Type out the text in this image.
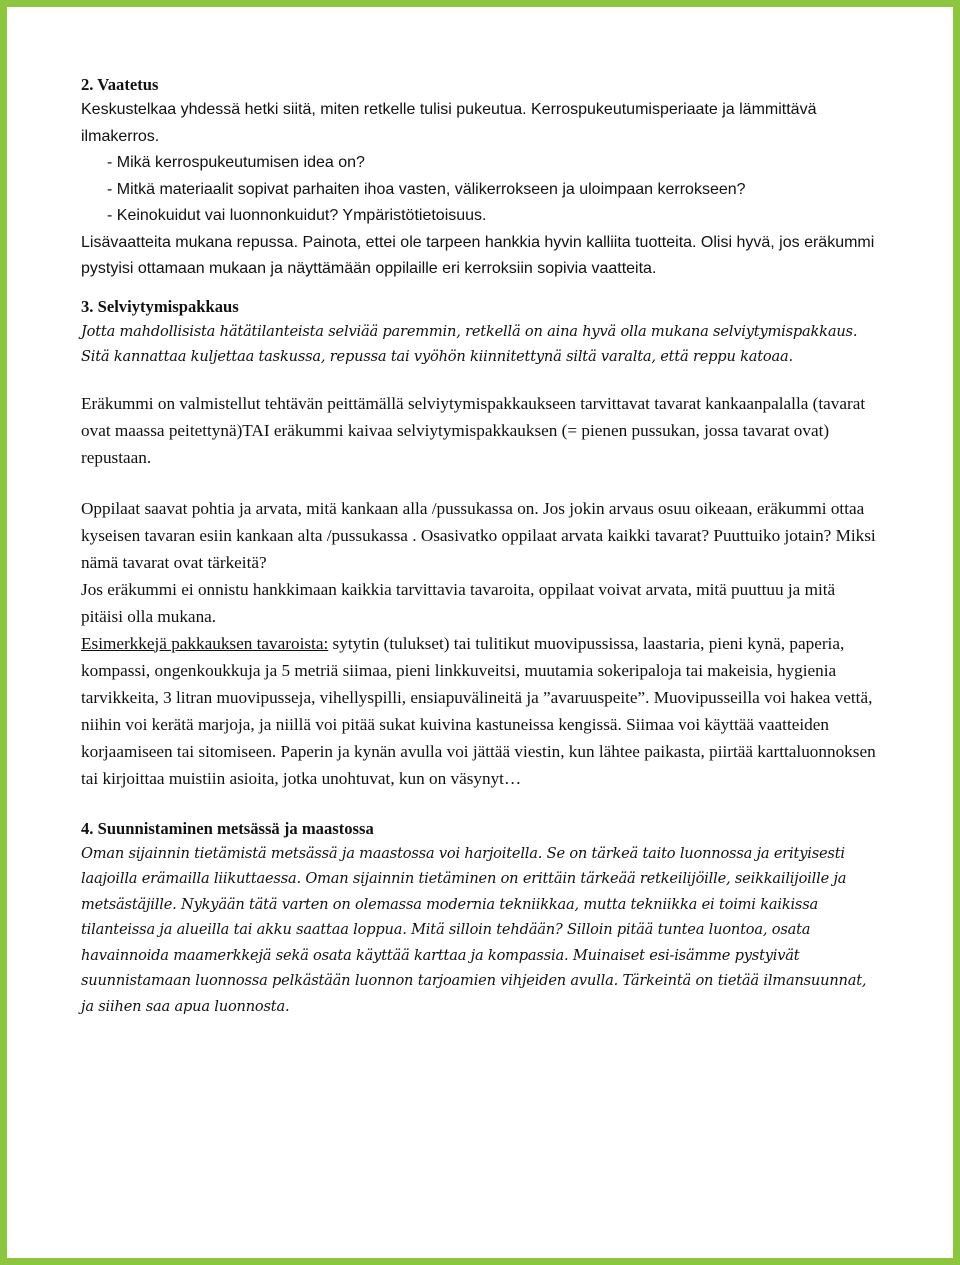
2. Vaatetus

Keskustelkaa yhdessä hetki siitä, miten retkelle tulisi pukeutua. Kerrospukeutumisperiaate ja lämmittävä ilmakerros.

- Mikä kerrospukeutumisen idea on?

- Mitkä materiaalit sopivat parhaiten ihoa vasten, välikerrokseen ja uloimpaan kerrokseen?

- Keinokuidut vai luonnonkuidut? Ympäristötietoisuus.

Lisävaatteita mukana repussa. Painota, ettei ole tarpeen hankkia hyvin kalliita tuotteita. Olisi hyvä, jos eräkummi pystyisi ottamaan mukaan ja näyttämään oppilaille eri kerroksiin sopivia vaatteita.

3. Selviytymispakkaus

Jotta mahdollisista hätätilanteista selviää paremmin, retkellä on aina hyvä olla mukana selviytymispakkaus. Sitä kannattaa kuljettaa taskussa, repussa tai vyöhön kiinnitettynä siltä varalta, että reppu katoaa.

Eräkummi on valmistellut tehtävän peittämällä selviytymispakkaukseen tarvittavat tavarat kankaanpalalla (tavarat ovat maassa peitettynä)TAI eräkummi kaivaa selviytymispakkauksen (= pienen pussukan, jossa tavarat ovat) repustaan.

Oppilaat saavat pohtia ja arvata, mitä kankaan alla /pussukassa on. Jos jokin arvaus osuu oikeaan, eräkummi ottaa kyseisen tavaran esiin kankaan alta /pussukassa . Osasivatko oppilaat arvata kaikki tavarat? Puuttuiko jotain? Miksi nämä tavarat ovat tärkeitä?

Jos eräkummi ei onnistu hankkimaan kaikkia tarvittavia tavaroita, oppilaat voivat arvata, mitä puuttuu ja mitä pitäisi olla mukana.

Esimerkkejä pakkauksen tavaroista: sytytin (tulukset) tai tulitikut muovipussissa, laastaria, pieni kynä, paperia, kompassi, ongenkoukkuja ja 5 metriä siimaa, pieni linkkuveitsi, muutamia sokeripaloja tai makeisia, hygienia tarvikkeita, 3 litran muovipusseja, vihellyspilli, ensiapuvälineitä ja ”avaruuspeite”. Muovipusseilla voi hakea vettä, niihin voi kerätä marjoja, ja niillä voi pitää sukat kuivina kastuneissa kengissä. Siimaa voi käyttää vaatteiden korjaamiseen tai sitomiseen. Paperin ja kynän avulla voi jättää viestin, kun lähtee paikasta, piirtää karttaluonnoksen tai kirjoittaa muistiin asioita, jotka unohtuvat, kun on väsynyt…

4. Suunnistaminen metsässä ja maastossa

Oman sijainnin tietämistä metsässä ja maastossa voi harjoitella. Se on tärkeä taito luonnossa ja erityisesti laajoilla erämailla liikuttaessa. Oman sijainnin tietäminen on erittäin tärkeää retkeilijöille, seikkailijoille ja metsästäjille. Nykyään tätä varten on olemassa modernia tekniikkaa, mutta tekniikka ei toimi kaikissa tilanteissa ja alueilla tai akku saattaa loppua. Mitä silloin tehdään? Silloin pitää tuntea luontoa, osata havainnoida maamerkkejä sekä osata käyttää karttaa ja kompassia. Muinaiset esi-isämme pystyivät suunnistamaan luonnossa pelkästään luonnon tarjoamien vihjeiden avulla. Tärkeintä on tietää ilmansuunnat, ja siihen saa apua luonnosta.
